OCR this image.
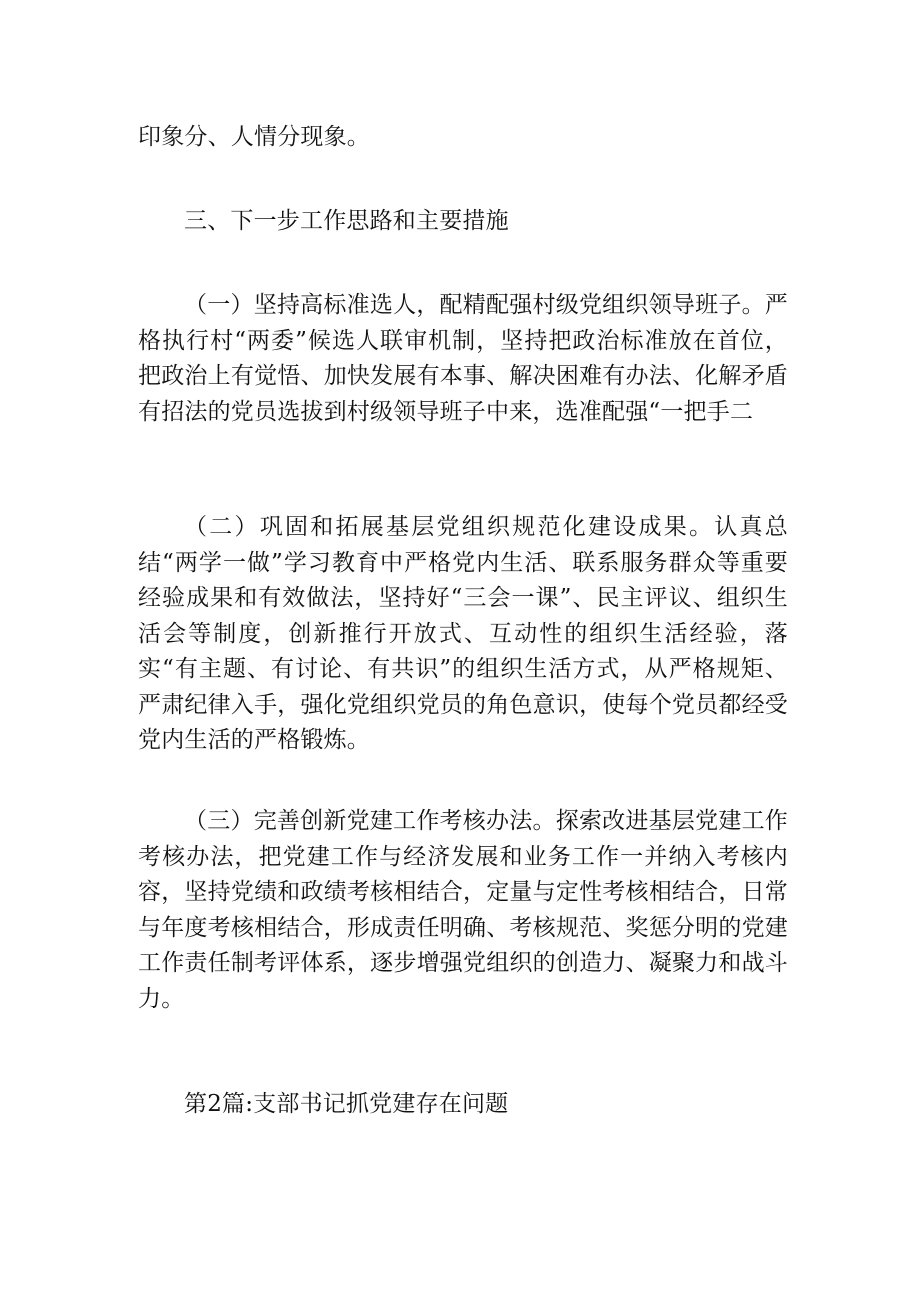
印象分、人情分现象。

三、下一步工作思路和主要措施

（一）坚持高标准选人，配精配强村级党组织领导班子。严格执行村“两委”候选人联审机制，坚持把政治标准放在首位，把政治上有觉悟、加快发展有本事、解决困难有办法、化解矛盾有招法的党员选拔到村级领导班子中来，选准配强“一把手二

（二）巩固和拓展基层党组织规范化建设成果。认真总结“两学一做”学习教育中严格党内生活、联系服务群众等重要经验成果和有效做法，坚持好“三会一课”、民主评议、组织生活会等制度，创新推行开放式、互动性的组织生活经验，落实“有主题、有讨论、有共识”的组织生活方式，从严格规矩、严肃纪律入手，强化党组织党员的角色意识，使每个党员都经受党内生活的严格锻炼。

（三）完善创新党建工作考核办法。探索改进基层党建工作考核办法，把党建工作与经济发展和业务工作一并纳入考核内容，坚持党绩和政绩考核相结合，定量与定性考核相结合，日常与年度考核相结合，形成责任明确、考核规范、奖惩分明的党建工作责任制考评体系，逐步增强党组织的创造力、凝聚力和战斗力。

第2篇:支部书记抓党建存在问题
